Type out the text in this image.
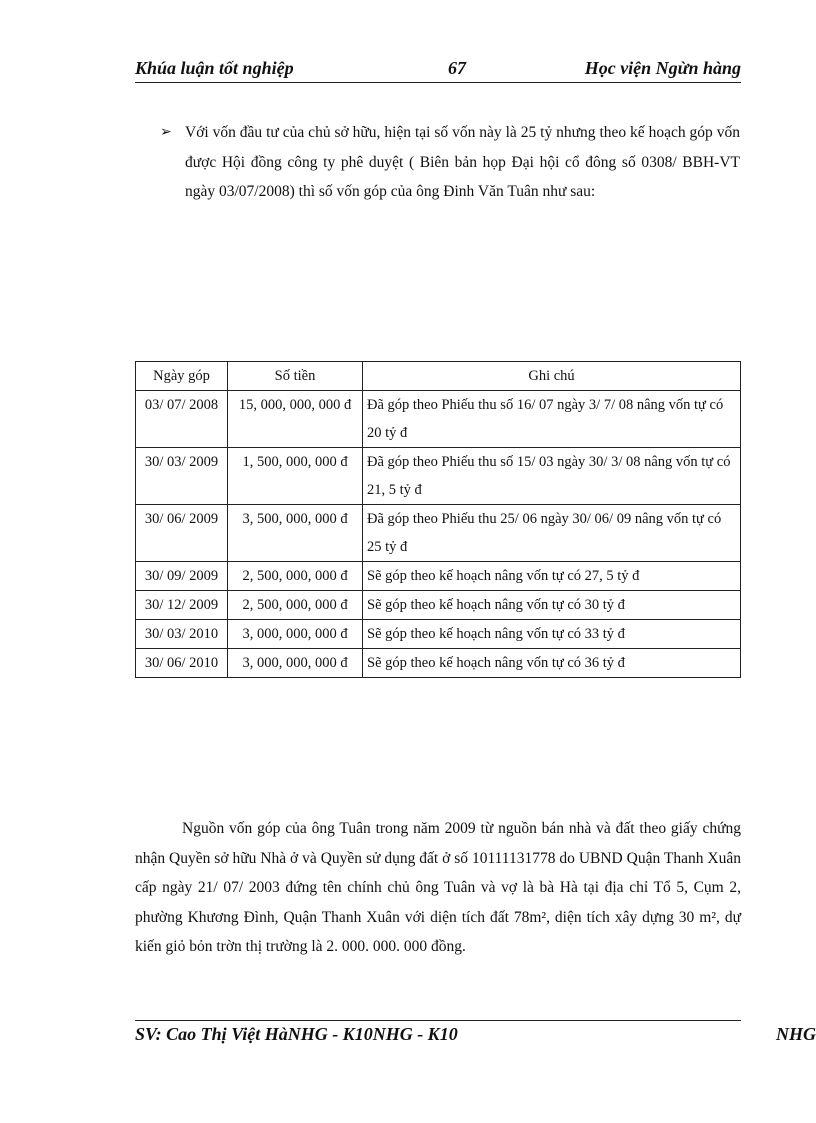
Khúa luận tốt nghiệp	67	Học viện Ngừn hàng
➢ Với vốn đầu tư của chủ sở hữu, hiện tại số vốn này là 25 tỷ nhưng theo kế hoạch góp vốn được Hội đồng công ty phê duyệt ( Biên bản họp Đại hội cổ đông số 0308/ BBH-VT ngày 03/07/2008) thì số vốn góp của ông Đinh Văn Tuân như sau:
Ngày góp	Số tiền	Ghi chú
03/ 07/ 2008	15, 000, 000, 000 đ	Đã góp theo Phiếu thu số 16/ 07 ngày 3/ 7/ 08 nâng vốn tự có 20 tỷ đ
30/ 03/ 2009	1, 500, 000, 000 đ	Đã góp theo Phiếu thu số 15/ 03 ngày 30/ 3/ 08 nâng vốn tự có 21, 5 tỷ đ
30/ 06/ 2009	3, 500, 000, 000 đ	Đã góp theo Phiếu thu 25/ 06 ngày 30/ 06/ 09 nâng vốn tự có 25 tỷ đ
30/ 09/ 2009	2, 500, 000, 000 đ	Sẽ góp theo kế hoạch nâng vốn tự có 27, 5 tỷ đ
30/ 12/ 2009	2, 500, 000, 000 đ	Sẽ góp theo kế hoạch nâng vốn tự có 30 tỷ đ
30/ 03/ 2010	3, 000, 000, 000 đ	Sẽ góp theo kế hoạch nâng vốn tự có 33 tỷ đ
30/ 06/ 2010	3, 000, 000, 000 đ	Sẽ góp theo kế hoạch nâng vốn tự có 36 tỷ đ
Nguồn vốn góp của ông Tuân trong năm 2009 từ nguồn bán nhà và đất theo giấy chứng nhận Quyền sở hữu Nhà ở và Quyền sử dụng đất ở số 10111131778 do UBND Quận Thanh Xuân cấp ngày 21/ 07/ 2003 đứng tên chính chủ ông Tuân và vợ là bà Hà tại địa chỉ Tổ 5, Cụm 2, phường Khương Đình, Quận Thanh Xuân với diện tích đất 78m², diện tích xây dựng 30 m², dự kiến giỏ bỏn trờn thị trường là 2. 000. 000. 000 đồng.
SV: Cao Thị Việt HàNHG - K10NHG - K10	NHG
